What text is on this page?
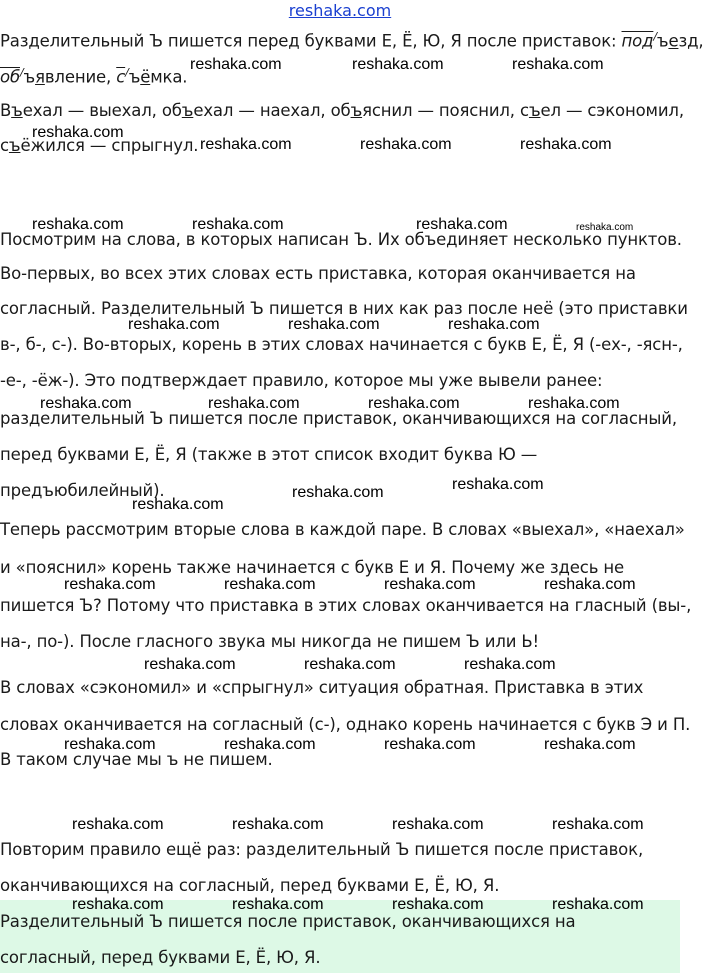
reshaka.com
Разделительный Ъ пишется перед буквами Е, Ё, Ю, Я после приставок: под/ъезд,
об/ъявление, с/ъёмка.
Въехал — выехал, объехал — наехал, объяснил — пояснил, съел — сэкономил,
съёжился — спрыгнул.
Посмотрим на слова, в которых написан Ъ. Их объединяет несколько пунктов.
Во-первых, во всех этих словах есть приставка, которая оканчивается на
согласный. Разделительный Ъ пишется в них как раз после неё (это приставки
в-, б-, с-). Во-вторых, корень в этих словах начинается с букв Е, Ё, Я (-ех-, -ясн-,
-е-, -ёж-). Это подтверждает правило, которое мы уже вывели ранее:
разделительный Ъ пишется после приставок, оканчивающихся на согласный,
перед буквами Е, Ё, Я (также в этот список входит буква Ю —
предъюбилейный).
Теперь рассмотрим вторые слова в каждой паре. В словах «выехал», «наехал»
и «пояснил» корень также начинается с букв Е и Я. Почему же здесь не
пишется Ъ? Потому что приставка в этих словах оканчивается на гласный (вы-,
на-, по-). После гласного звука мы никогда не пишем Ъ или Ь!
В словах «сэкономил» и «спрыгнул» ситуация обратная. Приставка в этих
словах оканчивается на согласный (с-), однако корень начинается с букв Э и П.
В таком случае мы ъ не пишем.
Повторим правило ещё раз: разделительный Ъ пишется после приставок,
оканчивающихся на согласный, перед буквами Е, Ё, Ю, Я.
Разделительный Ъ пишется после приставок, оканчивающихся на
согласный, перед буквами Е, Ё, Ю, Я.
reshaka.com	reshaka.com	reshaka.com
reshaka.com
reshaka.com	reshaka.com	reshaka.com
reshaka.com	reshaka.com	reshaka.com	reshaka.com
reshaka.com	reshaka.com	reshaka.com
reshaka.com	reshaka.com	reshaka.com	reshaka.com
reshaka.com
reshaka.com
reshaka.com
reshaka.com	reshaka.com	reshaka.com	reshaka.com
reshaka.com	reshaka.com	reshaka.com
reshaka.com	reshaka.com	reshaka.com	reshaka.com
reshaka.com	reshaka.com	reshaka.com	reshaka.com
reshaka.com	reshaka.com	reshaka.com	reshaka.com
